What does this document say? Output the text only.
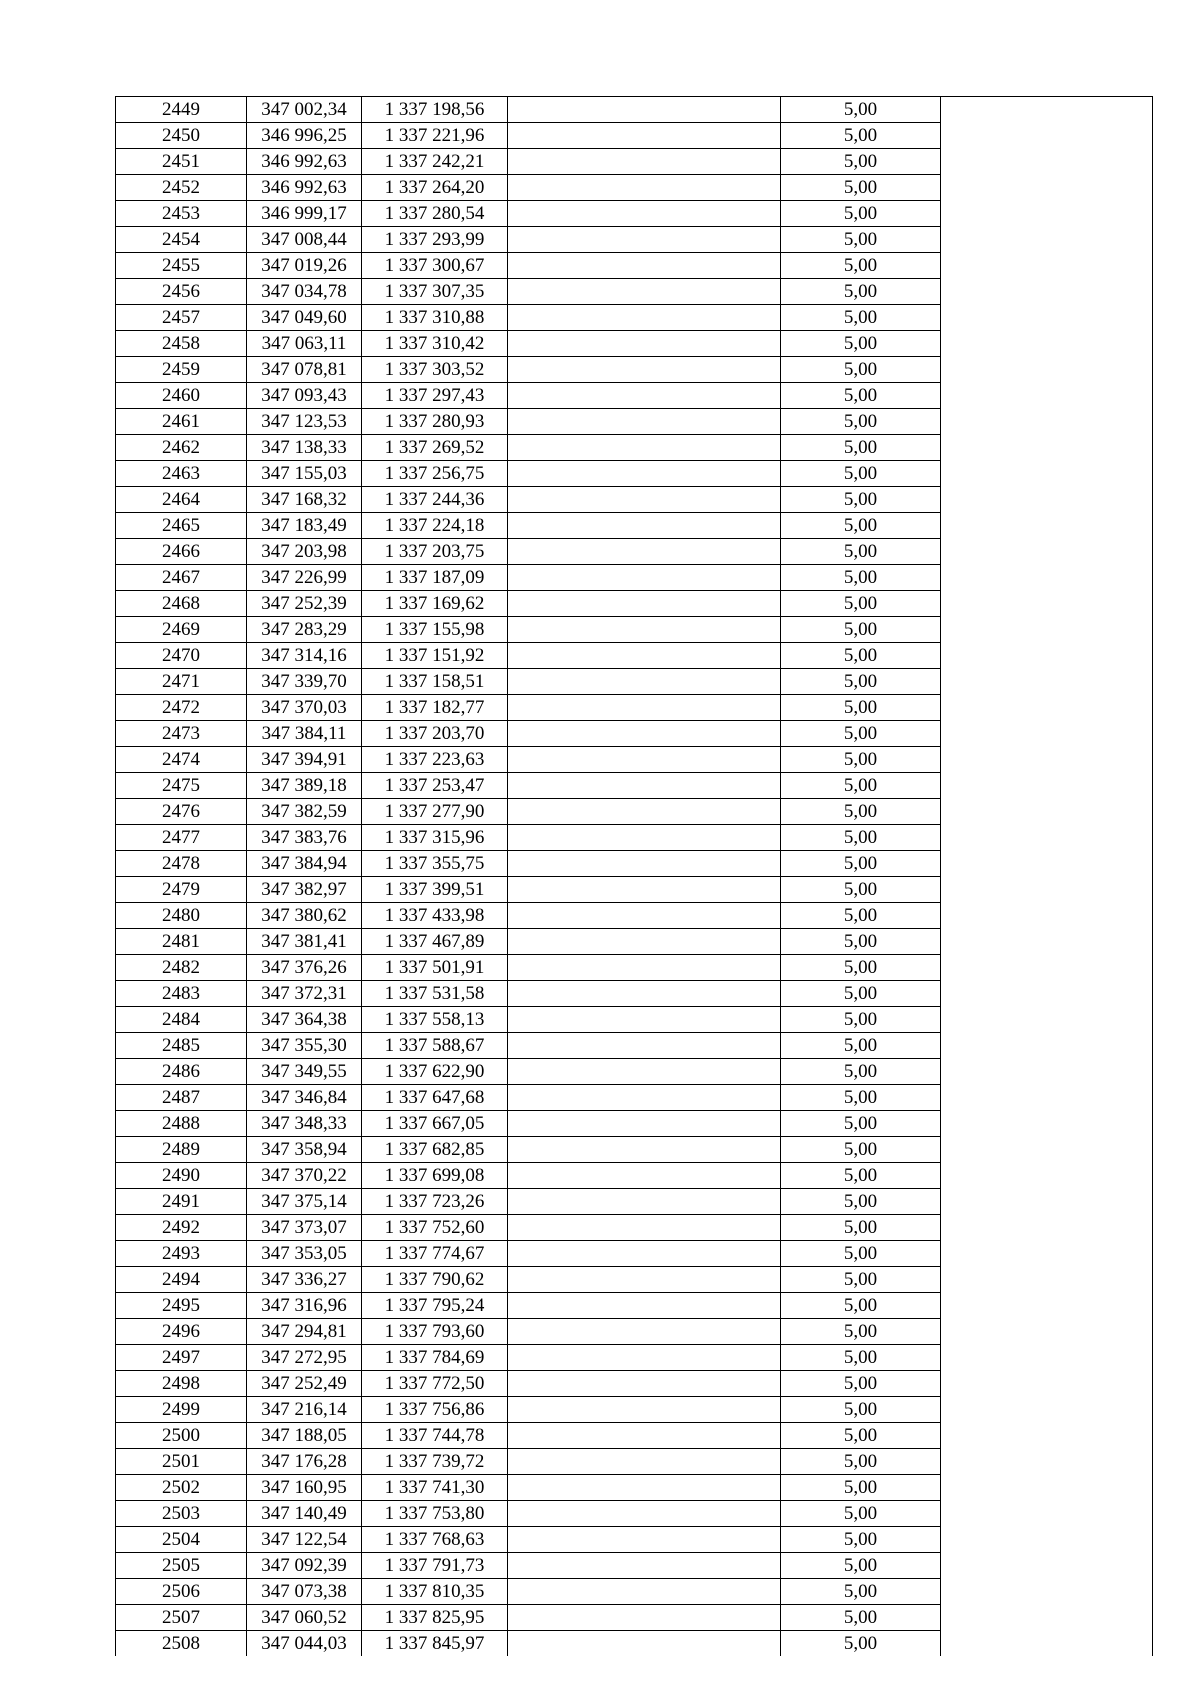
2449	347 002,34	1 337 198,56		5,00	
2450	346 996,25	1 337 221,96		5,00	
2451	346 992,63	1 337 242,21		5,00	
2452	346 992,63	1 337 264,20		5,00	
2453	346 999,17	1 337 280,54		5,00	
2454	347 008,44	1 337 293,99		5,00	
2455	347 019,26	1 337 300,67		5,00	
2456	347 034,78	1 337 307,35		5,00	
2457	347 049,60	1 337 310,88		5,00	
2458	347 063,11	1 337 310,42		5,00	
2459	347 078,81	1 337 303,52		5,00	
2460	347 093,43	1 337 297,43		5,00	
2461	347 123,53	1 337 280,93		5,00	
2462	347 138,33	1 337 269,52		5,00	
2463	347 155,03	1 337 256,75		5,00	
2464	347 168,32	1 337 244,36		5,00	
2465	347 183,49	1 337 224,18		5,00	
2466	347 203,98	1 337 203,75		5,00	
2467	347 226,99	1 337 187,09		5,00	
2468	347 252,39	1 337 169,62		5,00	
2469	347 283,29	1 337 155,98		5,00	
2470	347 314,16	1 337 151,92		5,00	
2471	347 339,70	1 337 158,51		5,00	
2472	347 370,03	1 337 182,77		5,00	
2473	347 384,11	1 337 203,70		5,00	
2474	347 394,91	1 337 223,63		5,00	
2475	347 389,18	1 337 253,47		5,00	
2476	347 382,59	1 337 277,90		5,00	
2477	347 383,76	1 337 315,96		5,00	
2478	347 384,94	1 337 355,75		5,00	
2479	347 382,97	1 337 399,51		5,00	
2480	347 380,62	1 337 433,98		5,00	
2481	347 381,41	1 337 467,89		5,00	
2482	347 376,26	1 337 501,91		5,00	
2483	347 372,31	1 337 531,58		5,00	
2484	347 364,38	1 337 558,13		5,00	
2485	347 355,30	1 337 588,67		5,00	
2486	347 349,55	1 337 622,90		5,00	
2487	347 346,84	1 337 647,68		5,00	
2488	347 348,33	1 337 667,05		5,00	
2489	347 358,94	1 337 682,85		5,00	
2490	347 370,22	1 337 699,08		5,00	
2491	347 375,14	1 337 723,26		5,00	
2492	347 373,07	1 337 752,60		5,00	
2493	347 353,05	1 337 774,67		5,00	
2494	347 336,27	1 337 790,62		5,00	
2495	347 316,96	1 337 795,24		5,00	
2496	347 294,81	1 337 793,60		5,00	
2497	347 272,95	1 337 784,69		5,00	
2498	347 252,49	1 337 772,50		5,00	
2499	347 216,14	1 337 756,86		5,00	
2500	347 188,05	1 337 744,78		5,00	
2501	347 176,28	1 337 739,72		5,00	
2502	347 160,95	1 337 741,30		5,00	
2503	347 140,49	1 337 753,80		5,00	
2504	347 122,54	1 337 768,63		5,00	
2505	347 092,39	1 337 791,73		5,00	
2506	347 073,38	1 337 810,35		5,00	
2507	347 060,52	1 337 825,95		5,00	
2508	347 044,03	1 337 845,97		5,00	
